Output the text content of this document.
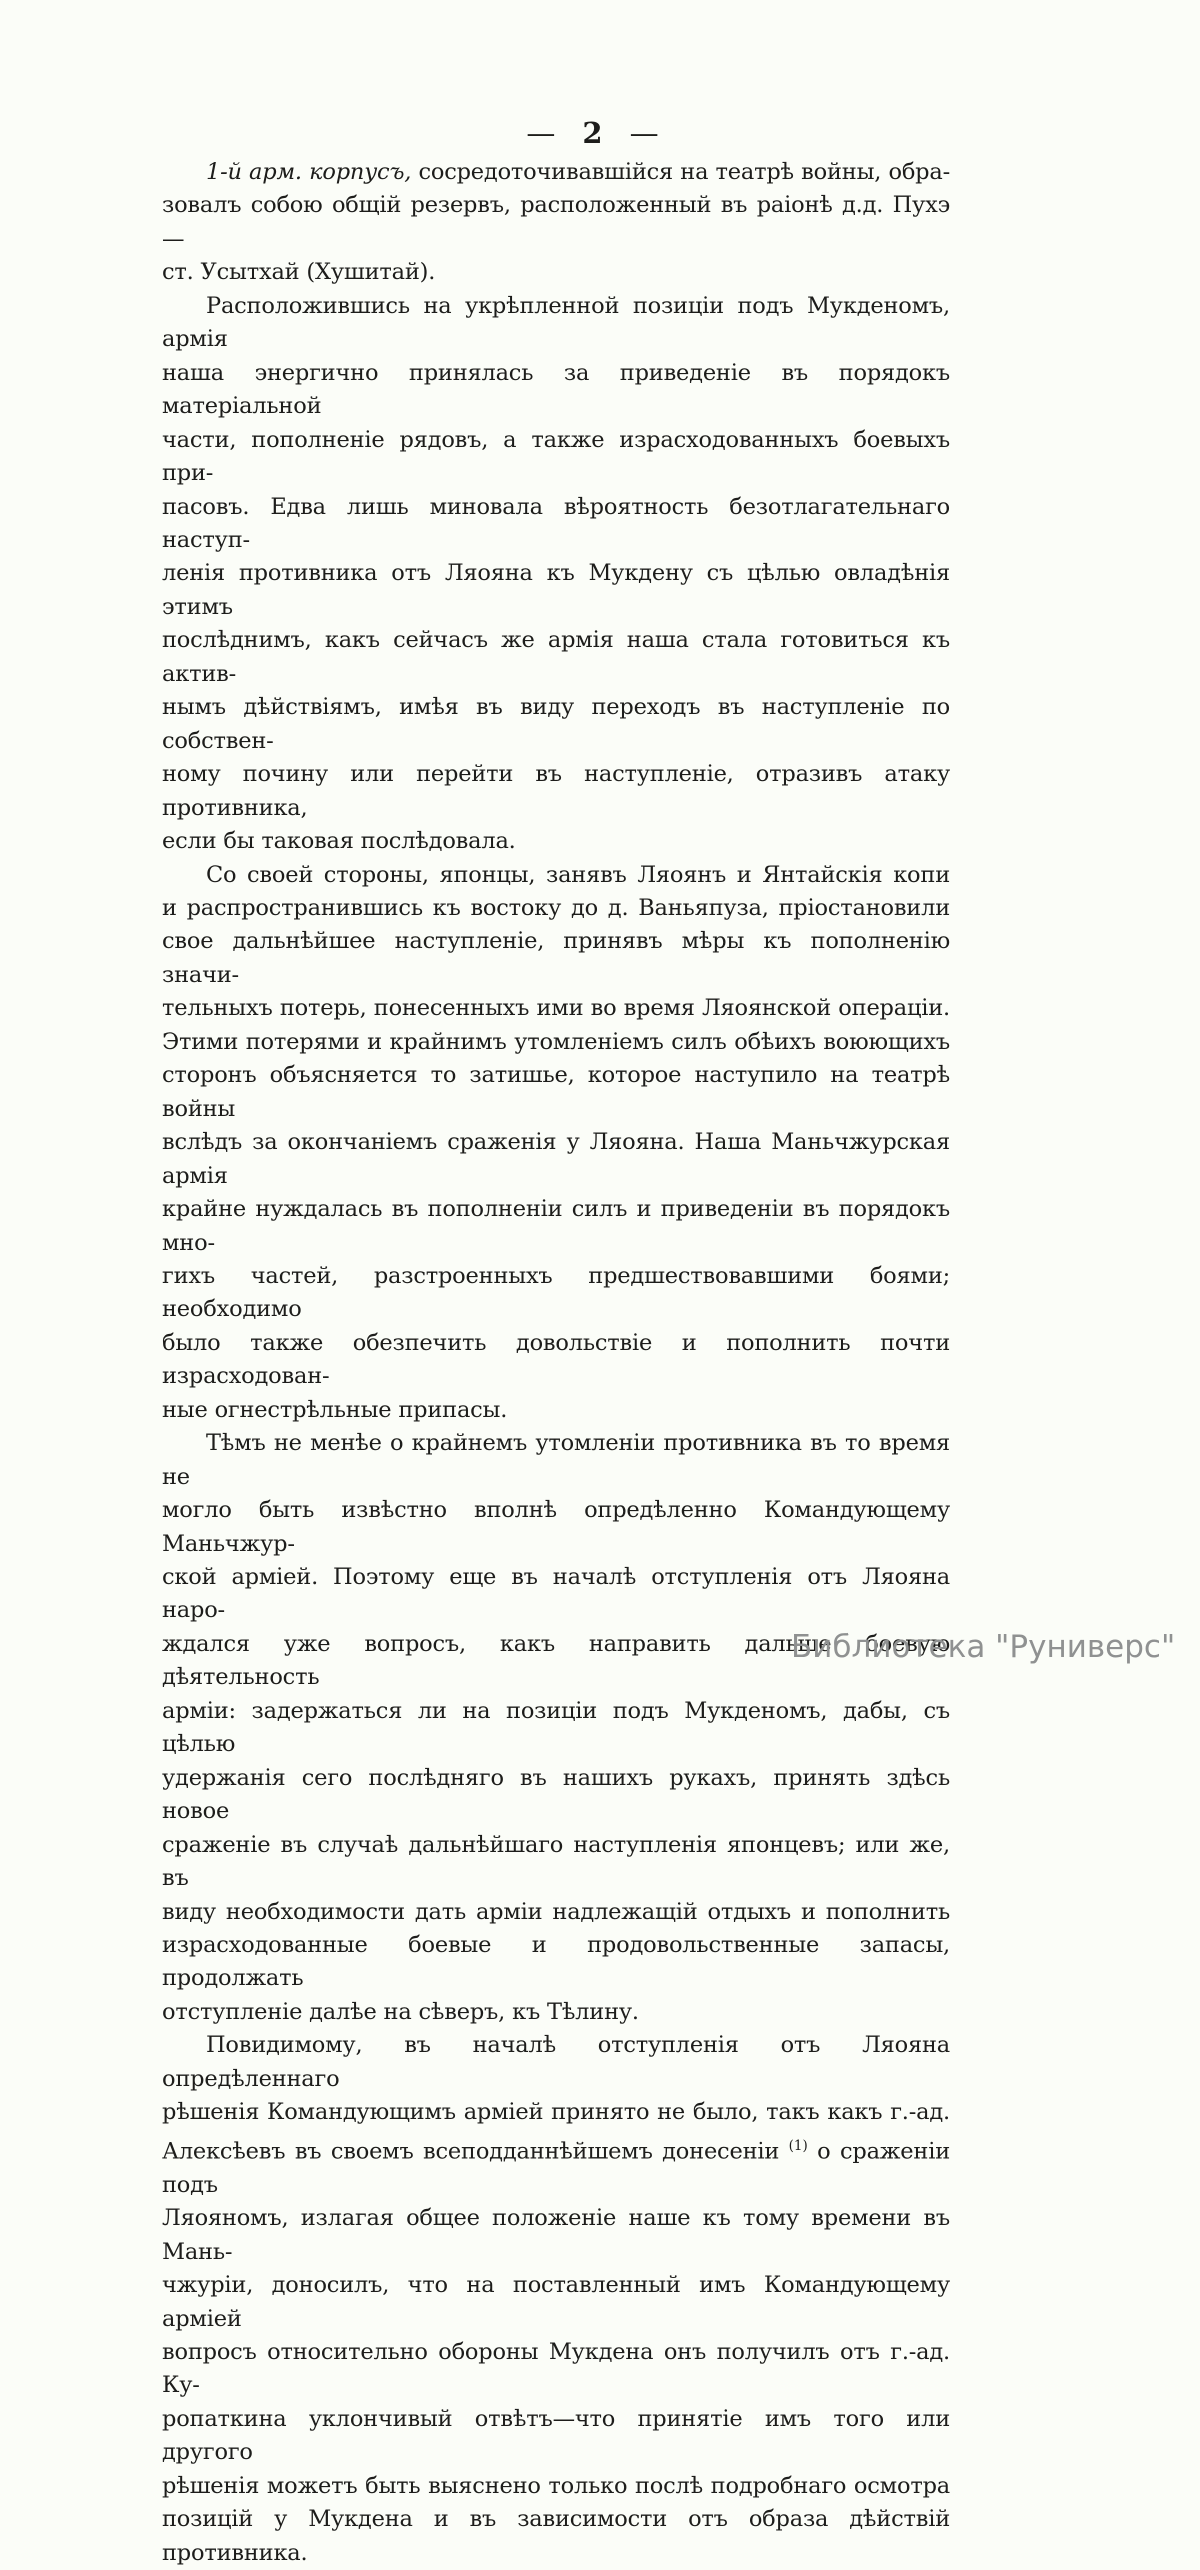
— 2 —
1-й арм. корпусъ, сосредоточивавшійся на театрѣ войны, обра-
зовалъ собою общій резервъ, расположенный въ раіонѣ д.д. Пухэ—
ст. Усытхай (Хушитай).
Расположившись на укрѣпленной позиціи подъ Мукденомъ, армія
наша энергично принялась за приведеніе въ порядокъ матеріальной
части, пополненіе рядовъ, а также израсходованныхъ боевыхъ при-
пасовъ. Едва лишь миновала вѣроятность безотлагательнаго наступ-
ленія противника отъ Ляояна къ Мукдену съ цѣлью овладѣнія этимъ
послѣднимъ, какъ сейчасъ же армія наша стала готовиться къ актив-
нымъ дѣйствіямъ, имѣя въ виду переходъ въ наступленіе по собствен-
ному почину или перейти въ наступленіе, отразивъ атаку противника,
если бы таковая послѣдовала.
Со своей стороны, японцы, занявъ Ляоянъ и Янтайскія копи
и распространившись къ востоку до д. Ваньяпуза, пріостановили
свое дальнѣйшее наступленіе, принявъ мѣры къ пополненію значи-
тельныхъ потерь, понесенныхъ ими во время Ляоянской операціи.
Этими потерями и крайнимъ утомленіемъ силъ обѣихъ воюющихъ
сторонъ объясняется то затишье, которое наступило на театрѣ войны
вслѣдъ за окончаніемъ сраженія у Ляояна. Наша Маньчжурская армія
крайне нуждалась въ пополненіи силъ и приведеніи въ порядокъ мно-
гихъ частей, разстроенныхъ предшествовавшими боями; необходимо
было также обезпечить довольствіе и пополнить почти израсходован-
ные огнестрѣльные припасы.
Тѣмъ не менѣе о крайнемъ утомленіи противника въ то время не
могло быть извѣстно вполнѣ опредѣленно Командующему Маньчжур-
ской арміей. Поэтому еще въ началѣ отступленія отъ Ляояна наро-
ждался уже вопросъ, какъ направить дальше боевую дѣятельность
арміи: задержаться ли на позиціи подъ Мукденомъ, дабы, съ цѣлью
удержанія сего послѣдняго въ нашихъ рукахъ, принять здѣсь новое
сраженіе въ случаѣ дальнѣйшаго наступленія японцевъ; или же, въ
виду необходимости дать арміи надлежащій отдыхъ и пополнить
израсходованные боевые и продовольственные запасы, продолжать
отступленіе далѣе на сѣверъ, къ Тѣлину.
Повидимому, въ началѣ отступленія отъ Ляояна опредѣленнаго
рѣшенія Командующимъ арміей принято не было, такъ какъ г.-ад.
Алексѣевъ въ своемъ всеподданнѣйшемъ донесеніи $^{(1)}$ о сраженіи подъ
Ляояномъ, излагая общее положеніе наше къ тому времени въ Мань-
чжуріи, доносилъ, что на поставленный имъ Командующему арміей
вопросъ относительно обороны Мукдена онъ получилъ отъ г.-ад. Ку-
ропаткина уклончивый отвѣтъ—что принятіе имъ того или другого
рѣшенія можетъ быть выяснено только послѣ подробнаго осмотра
позицій у Мукдена и въ зависимости отъ образа дѣйствій противника.
Библиотека "Руниверс"
